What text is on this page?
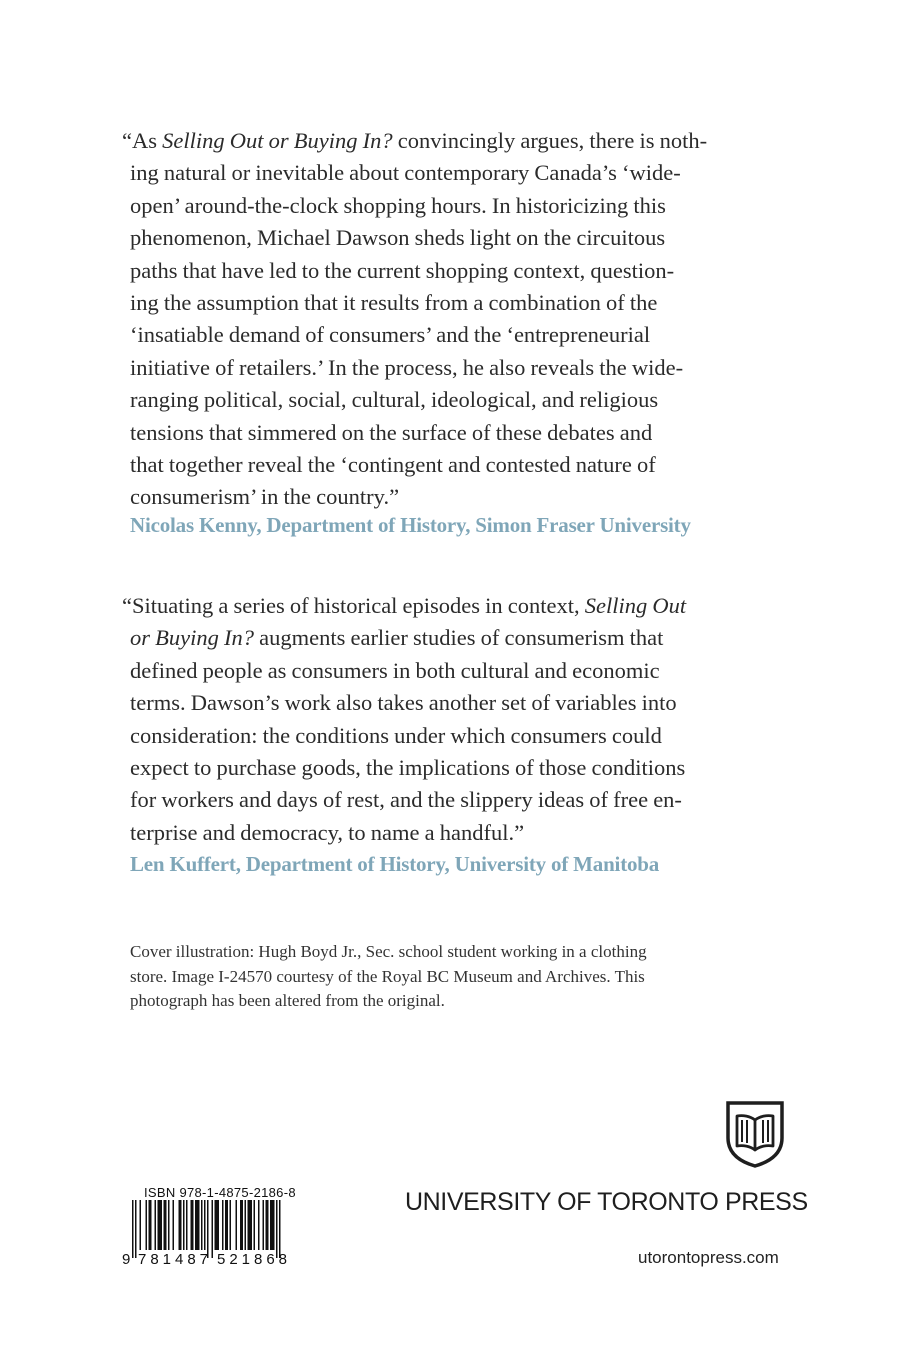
“As Selling Out or Buying In? convincingly argues, there is noth-
ing natural or inevitable about contemporary Canada’s ‘wide-
open’ around-the-clock shopping hours. In historicizing this
phenomenon, Michael Dawson sheds light on the circuitous
paths that have led to the current shopping context, question-
ing the assumption that it results from a combination of the
‘insatiable demand of consumers’ and the ‘entrepreneurial
initiative of retailers.’ In the process, he also reveals the wide-
ranging political, social, cultural, ideological, and religious
tensions that simmered on the surface of these debates and
that together reveal the ‘contingent and contested nature of
consumerism’ in the country.”
Nicolas Kenny, Department of History, Simon Fraser University
“Situating a series of historical episodes in context, Selling Out
or Buying In? augments earlier studies of consumerism that
defined people as consumers in both cultural and economic
terms. Dawson’s work also takes another set of variables into
consideration: the conditions under which consumers could
expect to purchase goods, the implications of those conditions
for workers and days of rest, and the slippery ideas of free en-
terprise and democracy, to name a handful.”
Len Kuffert, Department of History, University of Manitoba
Cover illustration: Hugh Boyd Jr., Sec. school student working in a clothing
store. Image I-24570 courtesy of the Royal BC Museum and Archives. This
photograph has been altered from the original.
UNIVERSITY OF TORONTO PRESS
utorontopress.com
ISBN 978-1-4875-2186-8
9 781487 521868
